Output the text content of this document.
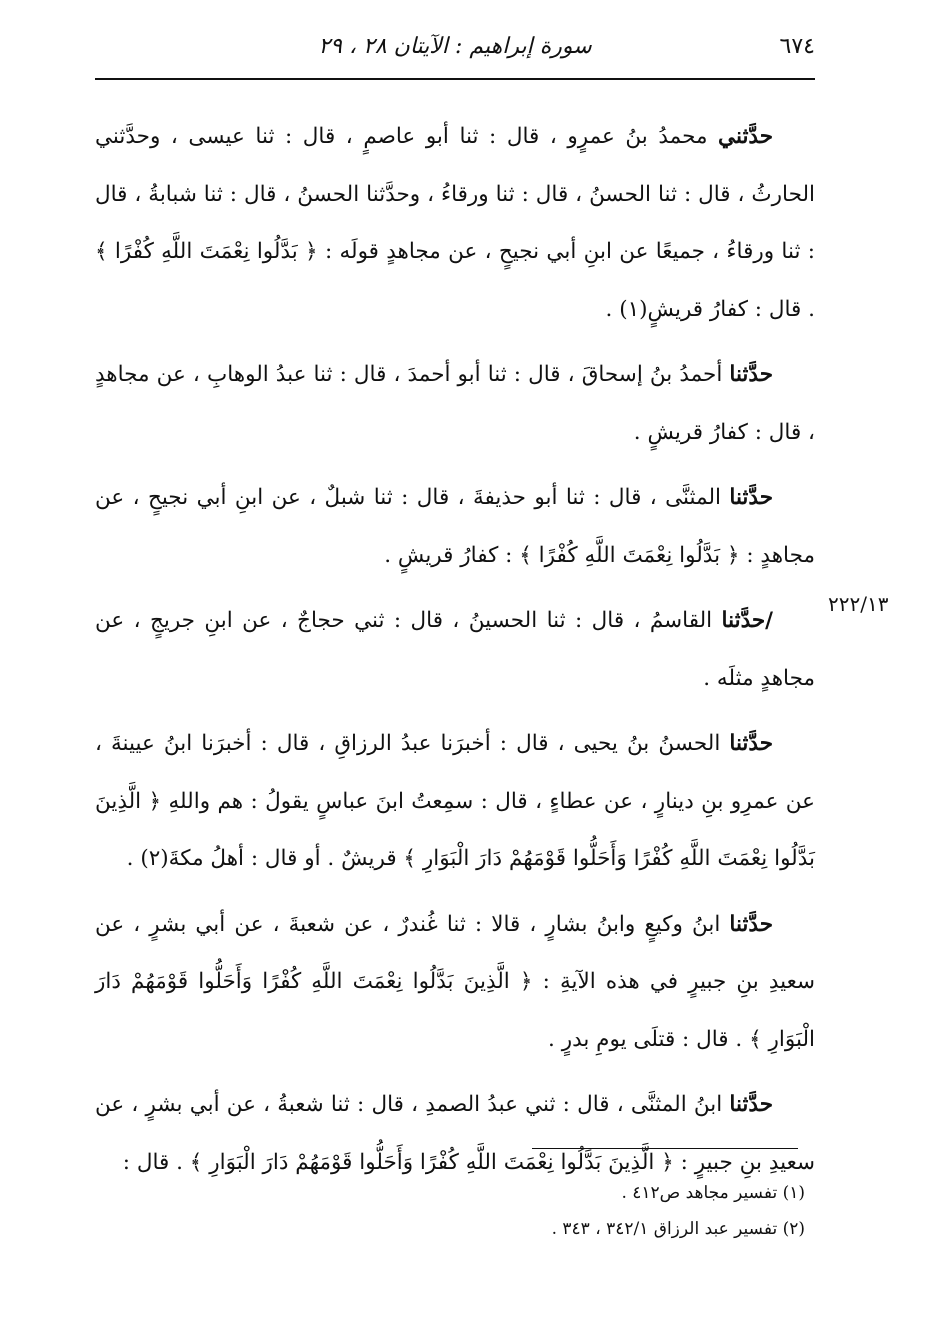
٦٧٤
سورة إبراهيم : الآيتان ٢٨ ، ٢٩
٢٢٢/١٣

حدَّثني محمدُ بنُ عمرٍو ، قال : ثنا أبو عاصمٍ ، قال : ثنا عيسى ، وحدَّثني الحارثُ ، قال : ثنا الحسنُ ، قال : ثنا ورقاءُ ، وحدَّثنا الحسنُ ، قال : ثنا شبابةُ ، قال : ثنا ورقاءُ ، جميعًا عن ابنِ أبي نجيحٍ ، عن مجاهدٍ قولَه : ﴿ بَدَّلُوا نِعْمَتَ اللَّهِ كُفْرًا ﴾ . قال : كفارُ قريشٍ(١) .

حدَّثنا أحمدُ بنُ إسحاقَ ، قال : ثنا أبو أحمدَ ، قال : ثنا عبدُ الوهابِ ، عن مجاهدٍ ، قال : كفارُ قريشٍ .

حدَّثنا المثنَّى ، قال : ثنا أبو حذيفةَ ، قال : ثنا شبلٌ ، عن ابنِ أبي نجيحٍ ، عن مجاهدٍ : ﴿ بَدَّلُوا نِعْمَتَ اللَّهِ كُفْرًا ﴾ : كفارُ قريشٍ .

/حدَّثنا القاسمُ ، قال : ثنا الحسينُ ، قال : ثني حجاجٌ ، عن ابنِ جريجٍ ، عن مجاهدٍ مثلَه .

حدَّثنا الحسنُ بنُ يحيى ، قال : أخبرَنا عبدُ الرزاقِ ، قال : أخبرَنا ابنُ عيينةَ ، عن عمرِو بنِ دينارٍ ، عن عطاءٍ ، قال : سمِعتُ ابنَ عباسٍ يقولُ : هم واللهِ ﴿ الَّذِينَ بَدَّلُوا نِعْمَتَ اللَّهِ كُفْرًا وَأَحَلُّوا قَوْمَهُمْ دَارَ الْبَوَارِ ﴾ قريشٌ . أو قال : أهلُ مكةَ(٢) .

حدَّثنا ابنُ وكيعٍ وابنُ بشارٍ ، قالا : ثنا غُندرٌ ، عن شعبةَ ، عن أبي بشرٍ ، عن سعيدِ بنِ جبيرٍ في هذه الآيةِ : ﴿ الَّذِينَ بَدَّلُوا نِعْمَتَ اللَّهِ كُفْرًا وَأَحَلُّوا قَوْمَهُمْ دَارَ الْبَوَارِ ﴾ . قال : قتلَى يومِ بدرٍ .

حدَّثنا ابنُ المثنَّى ، قال : ثني عبدُ الصمدِ ، قال : ثنا شعبةُ ، عن أبي بشرٍ ، عن سعيدِ بنِ جبيرٍ : ﴿ الَّذِينَ بَدَّلُوا نِعْمَتَ اللَّهِ كُفْرًا وَأَحَلُّوا قَوْمَهُمْ دَارَ الْبَوَارِ ﴾ . قال :

(١) تفسير مجاهد ص٤١٢ .

(٢) تفسير عبد الرزاق ٣٤٢/١ ، ٣٤٣ .
